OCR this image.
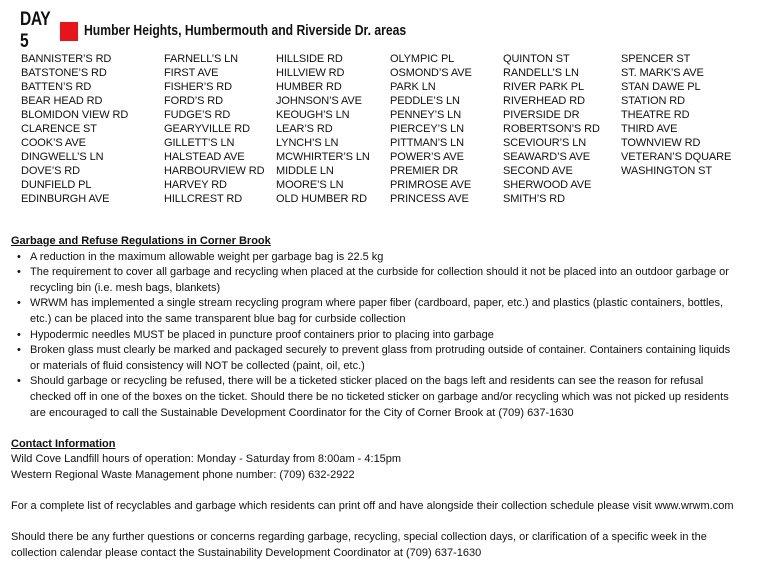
DAY 5	Humber Heights, Humbermouth and Riverside Dr. areas
BANNISTER’S RD
BATSTONE’S RD
BATTEN’S RD
BEAR HEAD RD
BLOMIDON VIEW RD
CLARENCE ST
COOK’S AVE
DINGWELL’S LN
DOVE’S RD
DUNFIELD PL
EDINBURGH AVE
FARNELL’S LN
FIRST AVE
FISHER’S RD
FORD’S RD
FUDGE’S RD
GEARYVILLE RD
GILLETT’S LN
HALSTEAD AVE
HARBOURVIEW RD
HARVEY RD
HILLCREST RD
HILLSIDE RD
HILLVIEW RD
HUMBER RD
JOHNSON’S AVE
KEOUGH’S LN
LEAR’S RD
LYNCH’S LN
MCWHIRTER’S LN
MIDDLE LN
MOORE’S LN
OLD HUMBER RD
OLYMPIC PL
OSMOND’S AVE
PARK LN
PEDDLE’S LN
PENNEY’S LN
PIERCEY’S LN
PITTMAN’S LN
POWER’S AVE
PREMIER DR
PRIMROSE AVE
PRINCESS AVE
QUINTON ST
RANDELL’S LN
RIVER PARK PL
RIVERHEAD RD
PIVERSIDE DR
ROBERTSON’S RD
SCEVIOUR’S LN
SEAWARD’S AVE
SECOND AVE
SHERWOOD AVE
SMITH’S RD
SPENCER ST
ST. MARK’S AVE
STAN DAWE PL
STATION RD
THEATRE RD
THIRD AVE
TOWNVIEW RD
VETERAN’S DQUARE
WASHINGTON ST
Garbage and Refuse Regulations in Corner Brook
• A reduction in the maximum allowable weight per garbage bag is 22.5 kg
• The requirement to cover all garbage and recycling when placed at the curbside for collection should it not be placed into an outdoor garbage or
recycling bin (i.e. mesh bags, blankets)
• WRWM has implemented a single stream recycling program where paper fiber (cardboard, paper, etc.) and plastics (plastic containers, bottles,
etc.) can be placed into the same transparent blue bag for curbside collection
• Hypodermic needles MUST be placed in puncture proof containers prior to placing into garbage
• Broken glass must clearly be marked and packaged securely to prevent glass from protruding outside of container. Containers containing liquids
or materials of fluid consistency will NOT be collected (paint, oil, etc.)
• Should garbage or recycling be refused, there will be a ticketed sticker placed on the bags left and residents can see the reason for refusal
checked off in one of the boxes on the ticket. Should there be no ticketed sticker on garbage and/or recycling which was not picked up residents
are encouraged to call the Sustainable Development Coordinator for the City of Corner Brook at (709) 637-1630
Contact Information
Wild Cove Landfill hours of operation: Monday - Saturday from 8:00am - 4:15pm
Western Regional Waste Management phone number: (709) 632-2922
For a complete list of recyclables and garbage which residents can print off and have alongside their collection schedule please visit www.wrwm.com
Should there be any further questions or concerns regarding garbage, recycling, special collection days, or clarification of a specific week in the
collection calendar please contact the Sustainability Development Coordinator at (709) 637-1630
